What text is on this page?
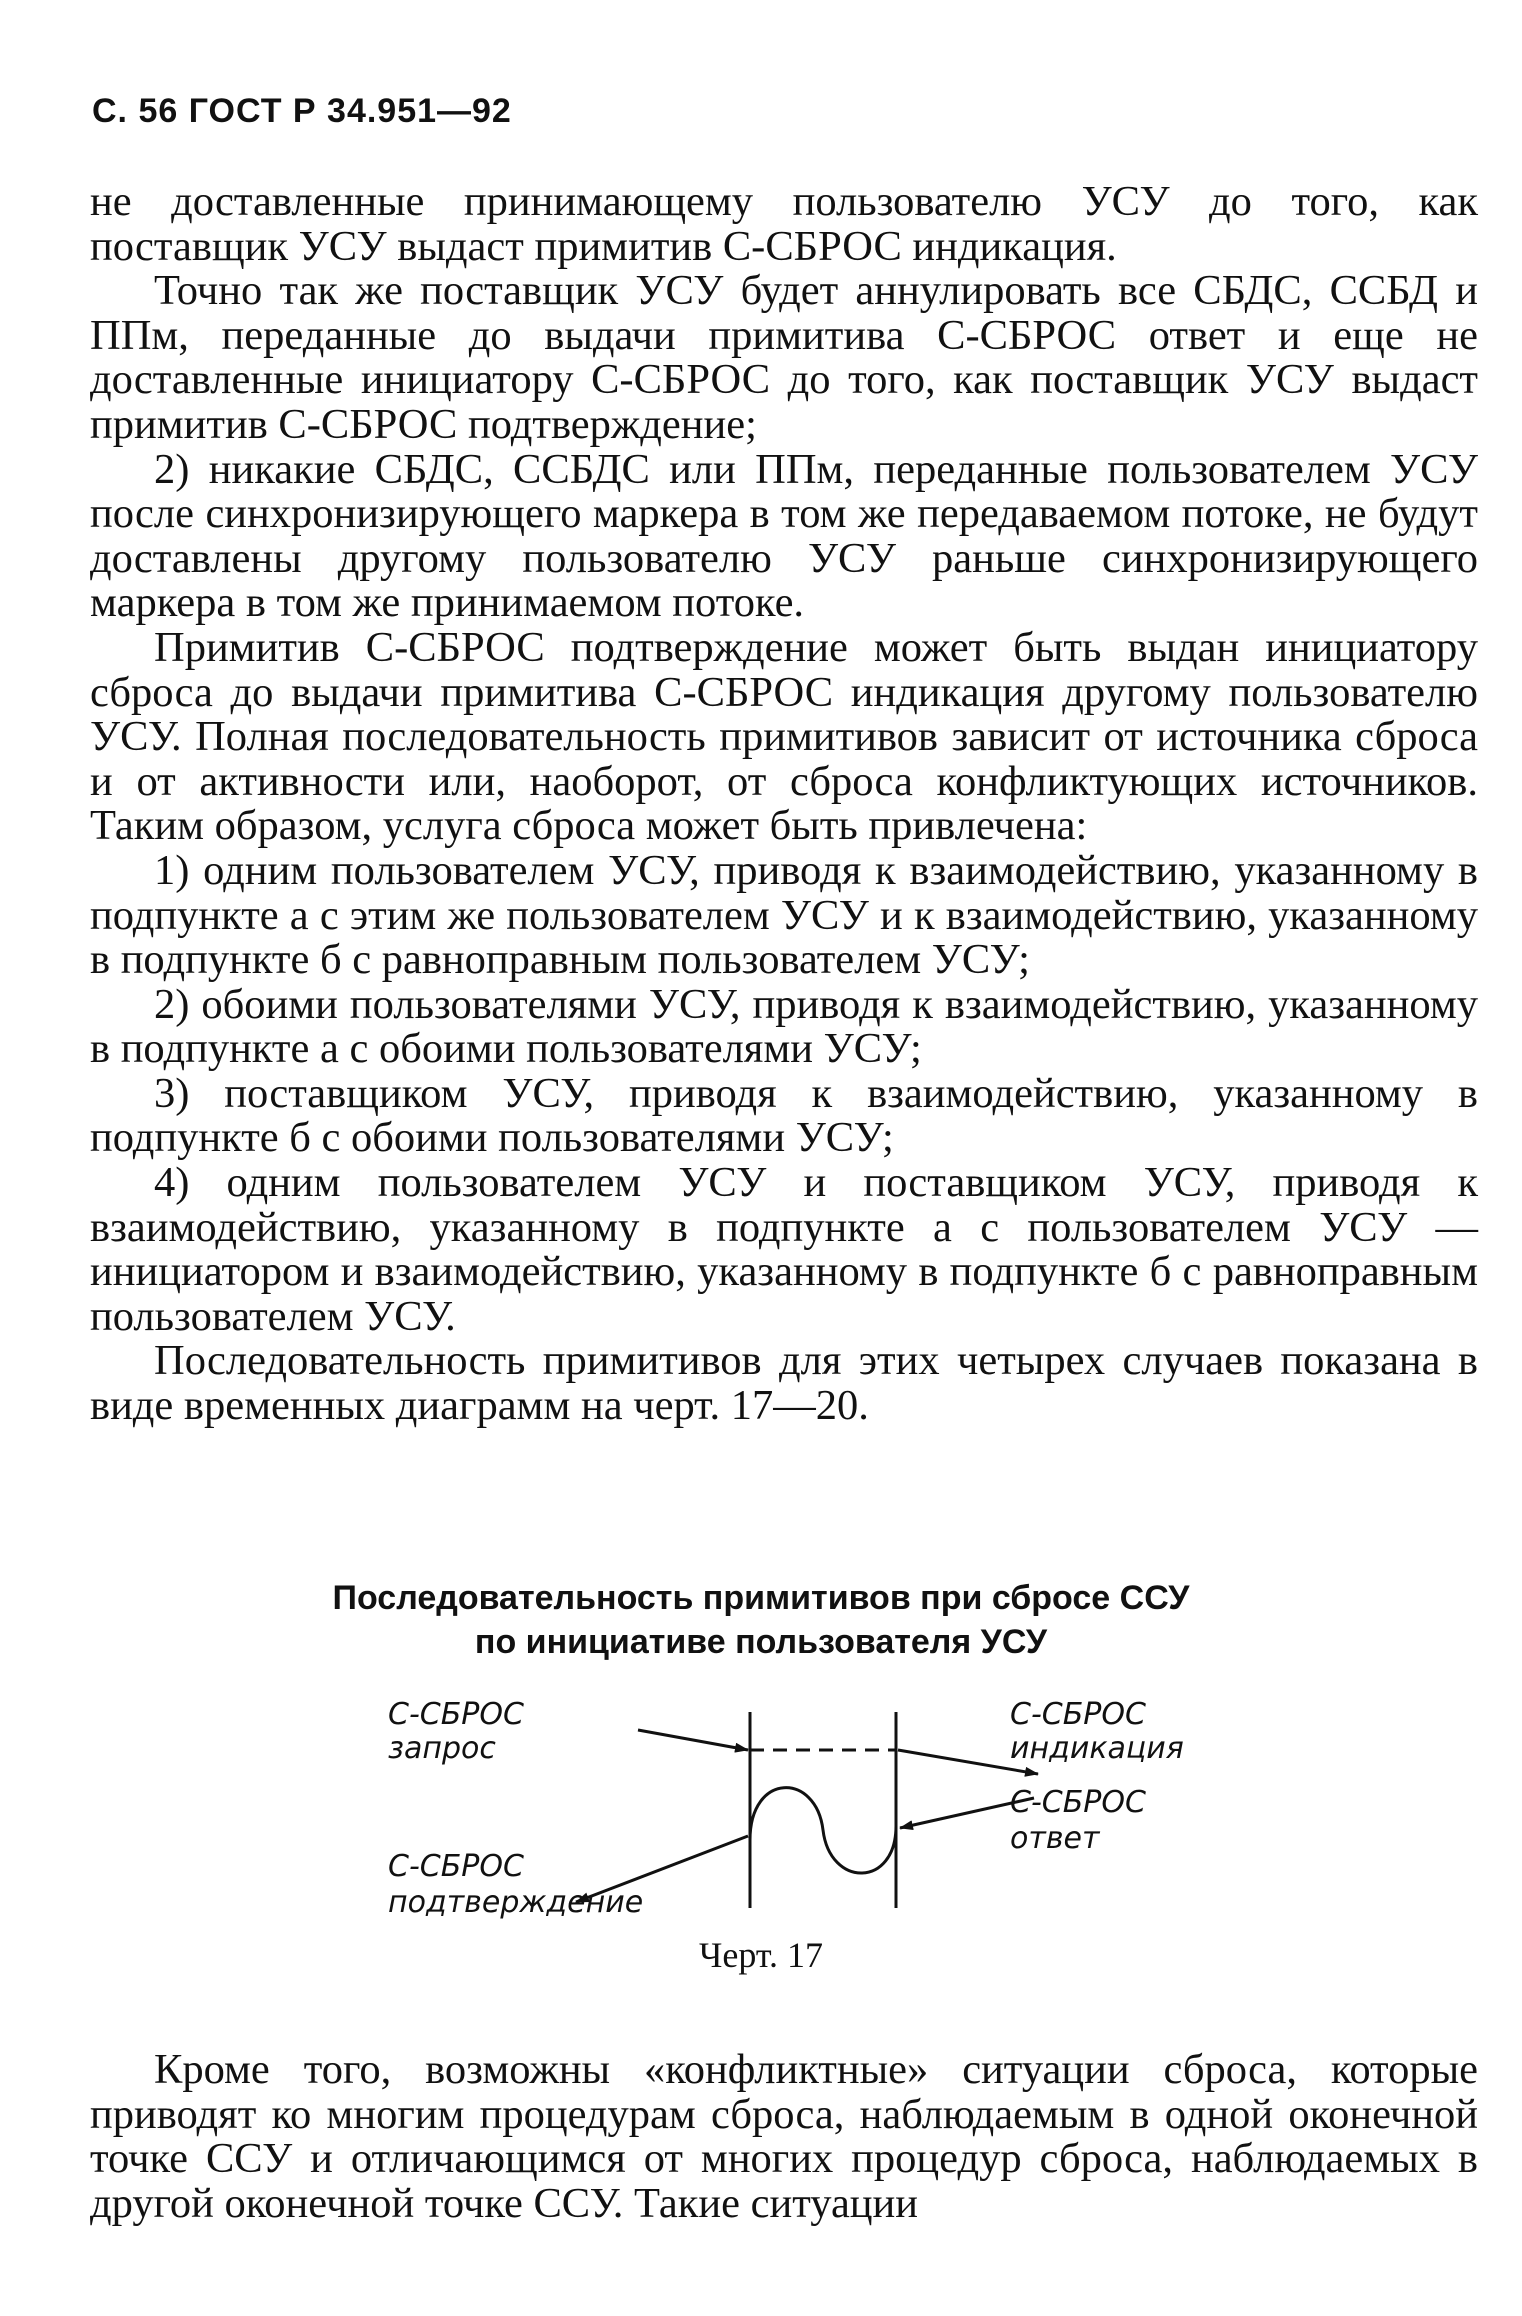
С. 56 ГОСТ Р 34.951—92

не доставленные принимающему пользователю УСУ до того, как поставщик УСУ выдаст примитив С-СБРОС индикация.

Точно так же поставщик УСУ будет аннулировать все СБДС, ССБД и ППм, переданные до выдачи примитива С-СБРОС ответ и еще не доставленные инициатору С-СБРОС до того, как поставщик УСУ выдаст примитив С-СБРОС подтверждение;

2) никакие СБДС, ССБДС или ППм, переданные пользователем УСУ после синхронизирующего маркера в том же передаваемом потоке, не будут доставлены другому пользователю УСУ раньше синхронизирующего маркера в том же принимаемом потоке.

Примитив С-СБРОС подтверждение может быть выдан инициатору сброса до выдачи примитива С-СБРОС индикация другому пользователю УСУ. Полная последовательность примитивов зависит от источника сброса и от активности или, наоборот, от сброса конфликтующих источников. Таким образом, услуга сброса может быть привлечена:

1) одним пользователем УСУ, приводя к взаимодействию, указанному в подпункте а с этим же пользователем УСУ и к взаимодействию, указанному в подпункте б с равноправным пользователем УСУ;

2) обоими пользователями УСУ, приводя к взаимодействию, указанному в подпункте а с обоими пользователями УСУ;

3) поставщиком УСУ, приводя к взаимодействию, указанному в подпункте б с обоими пользователями УСУ;

4) одним пользователем УСУ и поставщиком УСУ, приводя к взаимодействию, указанному в подпункте а с пользователем УСУ — инициатором и взаимодействию, указанному в подпункте б с равноправным пользователем УСУ.

Последовательность примитивов для этих четырех случаев показана в виде временных диаграмм на черт. 17—20.

Последовательность примитивов при сбросе ССУ
по инициативе пользователя УСУ
С-СБРОС
запрос
С-СБРОС
индикация
С-СБРОС
ответ
С-СБРОС
подтверждение
Черт. 17

Кроме того, возможны «конфликтные» ситуации сброса, которые приводят ко многим процедурам сброса, наблюдаемым в одной оконечной точке ССУ и отличающимся от многих процедур сброса, наблюдаемых в другой оконечной точке ССУ. Такие ситуации
